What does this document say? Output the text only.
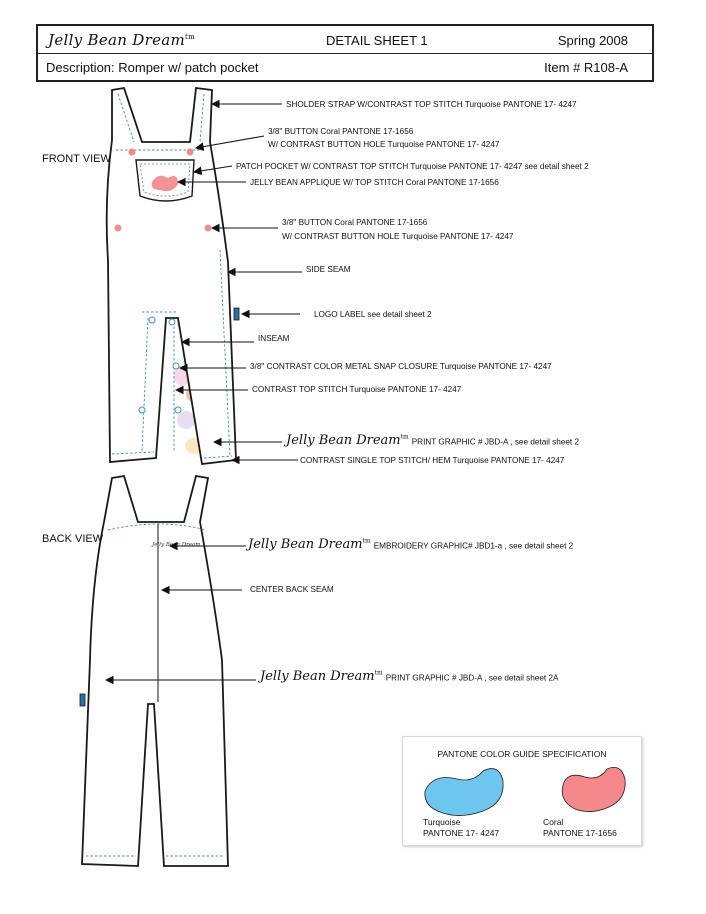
Jelly Bean Dream$^{tm}$	DETAIL SHEET 1	Spring 2008
Description: Romper w/ patch pocket	Item # R108-A
Jelly Bean Dream
FRONT VIEW
BACK VIEW
SHOLDER STRAP W/CONTRAST TOP STITCH Turquoise PANTONE 17- 4247
3/8" BUTTON Coral PANTONE 17-1656
W/ CONTRAST BUTTON HOLE Turquoise PANTONE 17- 4247
PATCH POCKET W/ CONTRAST TOP STITCH Turquoise PANTONE 17- 4247 see detail sheet 2
JELLY BEAN APPLIQUE W/ TOP STITCH Coral PANTONE 17-1656
3/8" BUTTON Coral PANTONE 17-1656
W/ CONTRAST BUTTON HOLE Turquoise PANTONE 17- 4247
SIDE SEAM
LOGO LABEL see detail sheet 2
INSEAM
3/8" CONTRAST COLOR METAL SNAP CLOSURE Turquoise PANTONE 17- 4247
CONTRAST TOP STITCH Turquoise PANTONE 17- 4247
Jelly Bean Dream$^{tm}$ PRINT GRAPHIC # JBD-A , see detail sheet 2
CONTRAST SINGLE TOP STITCH/ HEM Turquoise PANTONE 17- 4247
Jelly Bean Dream$^{tm}$ EMBROIDERY GRAPHIC# JBD1-a , see detail sheet 2
CENTER BACK SEAM
Jelly Bean Dream$^{tm}$ PRINT GRAPHIC # JBD-A , see detail sheet 2A
PANTONE COLOR GUIDE SPECIFICATION
Turquoise
PANTONE 17- 4247
Coral
PANTONE 17-1656
